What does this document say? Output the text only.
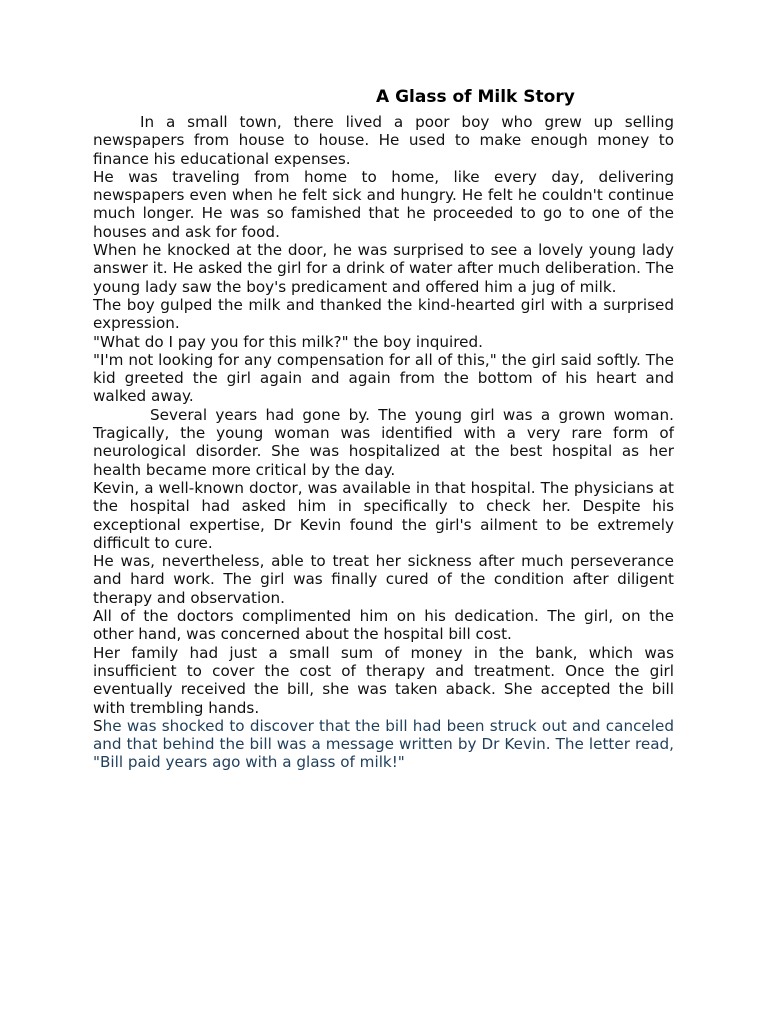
A Glass of Milk Story

In a small town, there lived a poor boy who grew up selling newspapers from house to house. He used to make enough money to finance his educational expenses.

He was traveling from home to home, like every day, delivering newspapers even when he felt sick and hungry. He felt he couldn't continue much longer. He was so famished that he proceeded to go to one of the houses and ask for food.

When he knocked at the door, he was surprised to see a lovely young lady answer it. He asked the girl for a drink of water after much deliberation. The young lady saw the boy's predicament and offered him a jug of milk.

The boy gulped the milk and thanked the kind-hearted girl with a surprised expression.

"What do I pay you for this milk?" the boy inquired.

"I'm not looking for any compensation for all of this," the girl said softly. The kid greeted the girl again and again from the bottom of his heart and walked away.

Several years had gone by. The young girl was a grown woman. Tragically, the young woman was identified with a very rare form of neurological disorder. She was hospitalized at the best hospital as her health became more critical by the day.

Kevin, a well-known doctor, was available in that hospital. The physicians at the hospital had asked him in specifically to check her. Despite his exceptional expertise, Dr Kevin found the girl's ailment to be extremely difficult to cure.

He was, nevertheless, able to treat her sickness after much perseverance and hard work. The girl was finally cured of the condition after diligent therapy and observation.

All of the doctors complimented him on his dedication. The girl, on the other hand, was concerned about the hospital bill cost.

Her family had just a small sum of money in the bank, which was insufficient to cover the cost of therapy and treatment. Once the girl eventually received the bill, she was taken aback. She accepted the bill with trembling hands.

She was shocked to discover that the bill had been struck out and canceled and that behind the bill was a message written by Dr Kevin. The letter read, "Bill paid years ago with a glass of milk!"
